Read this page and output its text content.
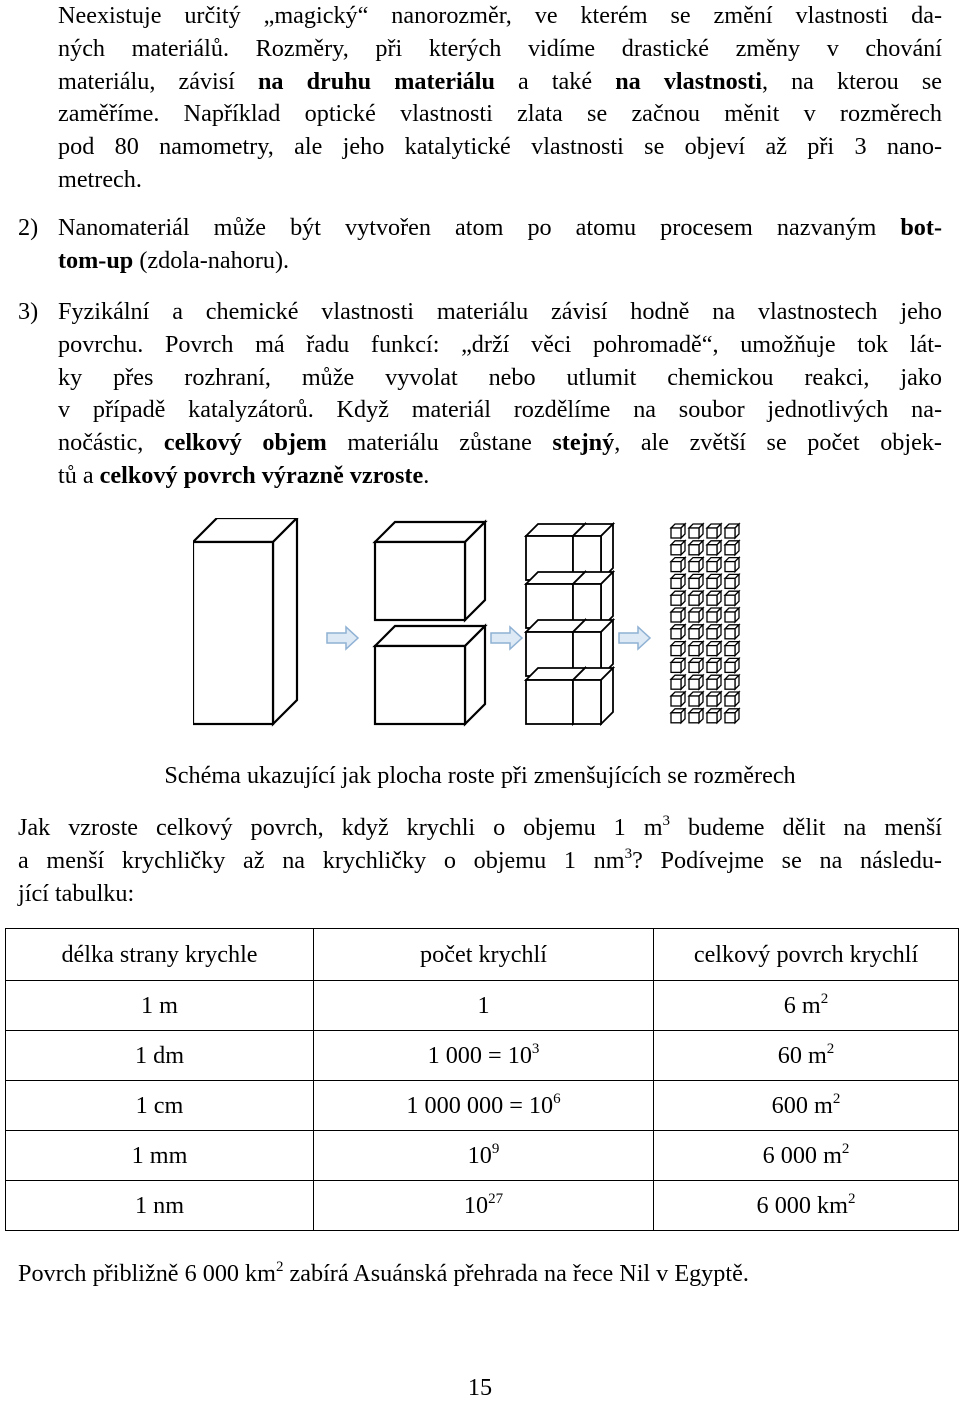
Neexistuje určitý „magický“ nanorozměr, ve kterém se změní vlastnosti da-
ných materiálů. Rozměry, při kterých vidíme drastické změny v chování
materiálu, závisí na druhu materiálu a také na vlastnosti, na kterou se
zaměříme. Například optické vlastnosti zlata se začnou měnit v rozměrech
pod 80 namometry, ale jeho katalytické vlastnosti se objeví až při 3 nano-
metrech.
2) Nanomateriál může být vytvořen atom po atomu procesem nazvaným bot-
tom-up (zdola-nahoru).
3) Fyzikální a chemické vlastnosti materiálu závisí hodně na vlastnostech jeho
povrchu. Povrch má řadu funkcí: „drží věci pohromadě“, umožňuje tok lát-
ky přes rozhraní, může vyvolat nebo utlumit chemickou reakci, jako
v případě katalyzátorů. Když materiál rozdělíme na soubor jednotlivých na-
nočástic, celkový objem materiálu zůstane stejný, ale zvětší se počet objek-
tů a celkový povrch výrazně vzroste.
Schéma ukazující jak plocha roste při zmenšujících se rozměrech
Jak vzroste celkový povrch, když krychli o objemu 1 $m^3$ budeme dělit na menší
a menší krychličky až na krychličky o objemu 1 $nm^3$? Podívejme se na následu-
jící tabulku:
délka strany krychle	počet krychlí	celkový povrch krychlí
1 m	1	6 $m^2$
1 dm	1 $000 = 10^3$	60 $m^2$
1 cm	1 000 $000 = 10^6$	600 $m^2$
1 mm	$10^9$	6 000 $m^2$
1 nm	$10^{27}$	6 000 $km^2$
Povrch přibližně 6 000 $km^2$ zabírá Asuánská přehrada na řece Nil v Egyptě.
15
